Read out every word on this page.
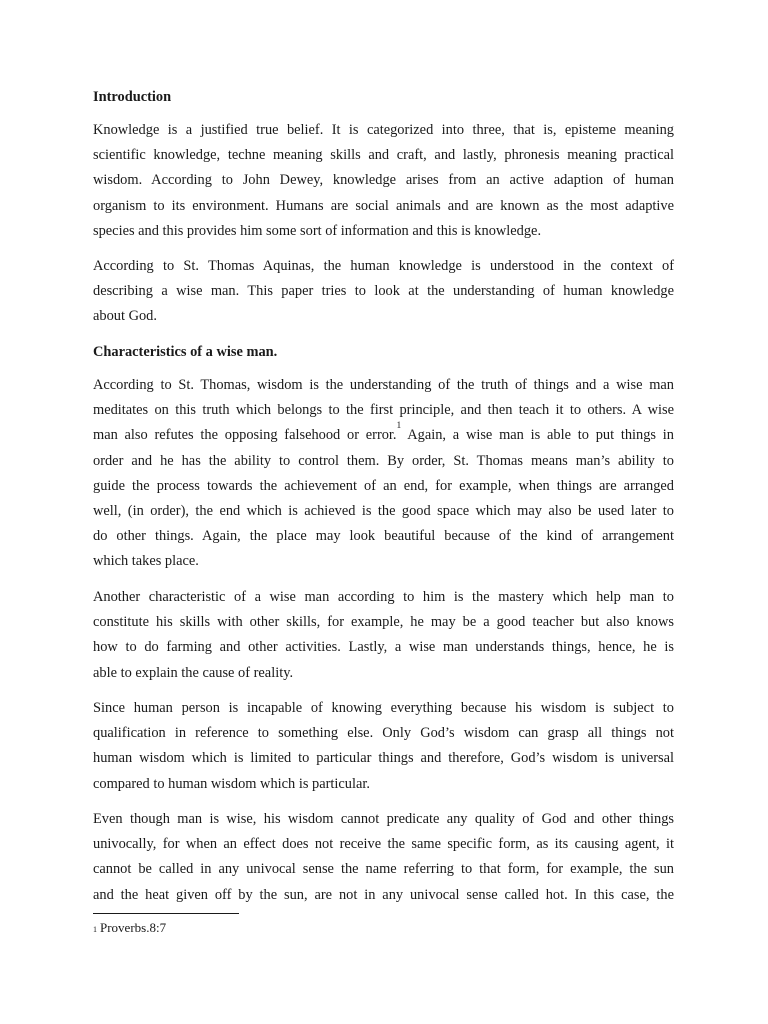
Introduction
Knowledge is a justified true belief. It is categorized into three, that is, episteme meaning
scientific knowledge, techne meaning skills and craft, and lastly, phronesis meaning practical
wisdom. According to John Dewey, knowledge arises from an active adaption of human
organism to its environment. Humans are social animals and are known as the most adaptive
species and this provides him some sort of information and this is knowledge.
According to St. Thomas Aquinas, the human knowledge is understood in the context of
describing a wise man. This paper tries to look at the understanding of human knowledge
about God.
Characteristics of a wise man.
According to St. Thomas, wisdom is the understanding of the truth of things and a wise man
meditates on this truth which belongs to the first principle, and then teach it to others. A wise
man also refutes the opposing falsehood or error.$^1$ Again, a wise man is able to put things in
order and he has the ability to control them. By order, St. Thomas means man’s ability to
guide the process towards the achievement of an end, for example, when things are arranged
well, (in order), the end which is achieved is the good space which may also be used later to
do other things. Again, the place may look beautiful because of the kind of arrangement
which takes place.
Another characteristic of a wise man according to him is the mastery which help man to
constitute his skills with other skills, for example, he may be a good teacher but also knows
how to do farming and other activities. Lastly, a wise man understands things, hence, he is
able to explain the cause of reality.
Since human person is incapable of knowing everything because his wisdom is subject to
qualification in reference to something else. Only God’s wisdom can grasp all things not
human wisdom which is limited to particular things and therefore, God’s wisdom is universal
compared to human wisdom which is particular.
Even though man is wise, his wisdom cannot predicate any quality of God and other things
univocally, for when an effect does not receive the same specific form, as its causing agent, it
cannot be called in any univocal sense the name referring to that form, for example, the sun
and the heat given off by the sun, are not in any univocal sense called hot. In this case, the
$^1$ Proverbs.8:7
